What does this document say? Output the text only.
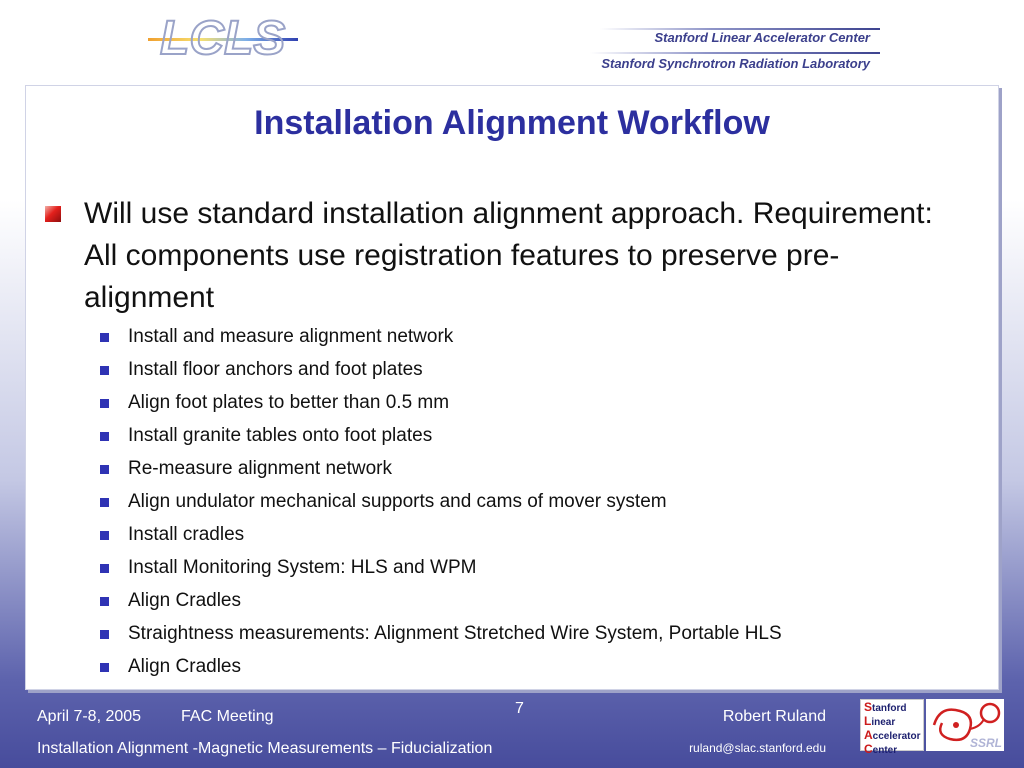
LCLS	Stanford Linear Accelerator Center
Stanford Synchrotron Radiation Laboratory
Installation Alignment Workflow
Will use standard installation alignment approach. Requirement: All components use registration features to preserve pre-alignment
Install and measure alignment network
Install floor anchors and foot plates
Align foot plates to better than 0.5 mm
Install granite tables onto foot plates
Re-measure alignment network
Align undulator mechanical supports and cams of mover system
Install cradles
Install Monitoring System: HLS and WPM
Align Cradles
Straightness measurements: Alignment Stretched Wire System, Portable HLS
Align Cradles
April 7-8, 2005 FAC Meeting	7	Robert Ruland
Installation Alignment -Magnetic Measurements – Fiducialization	ruland@slac.stanford.edu
Stanford
Linear
Accelerator
Center
SSRL
